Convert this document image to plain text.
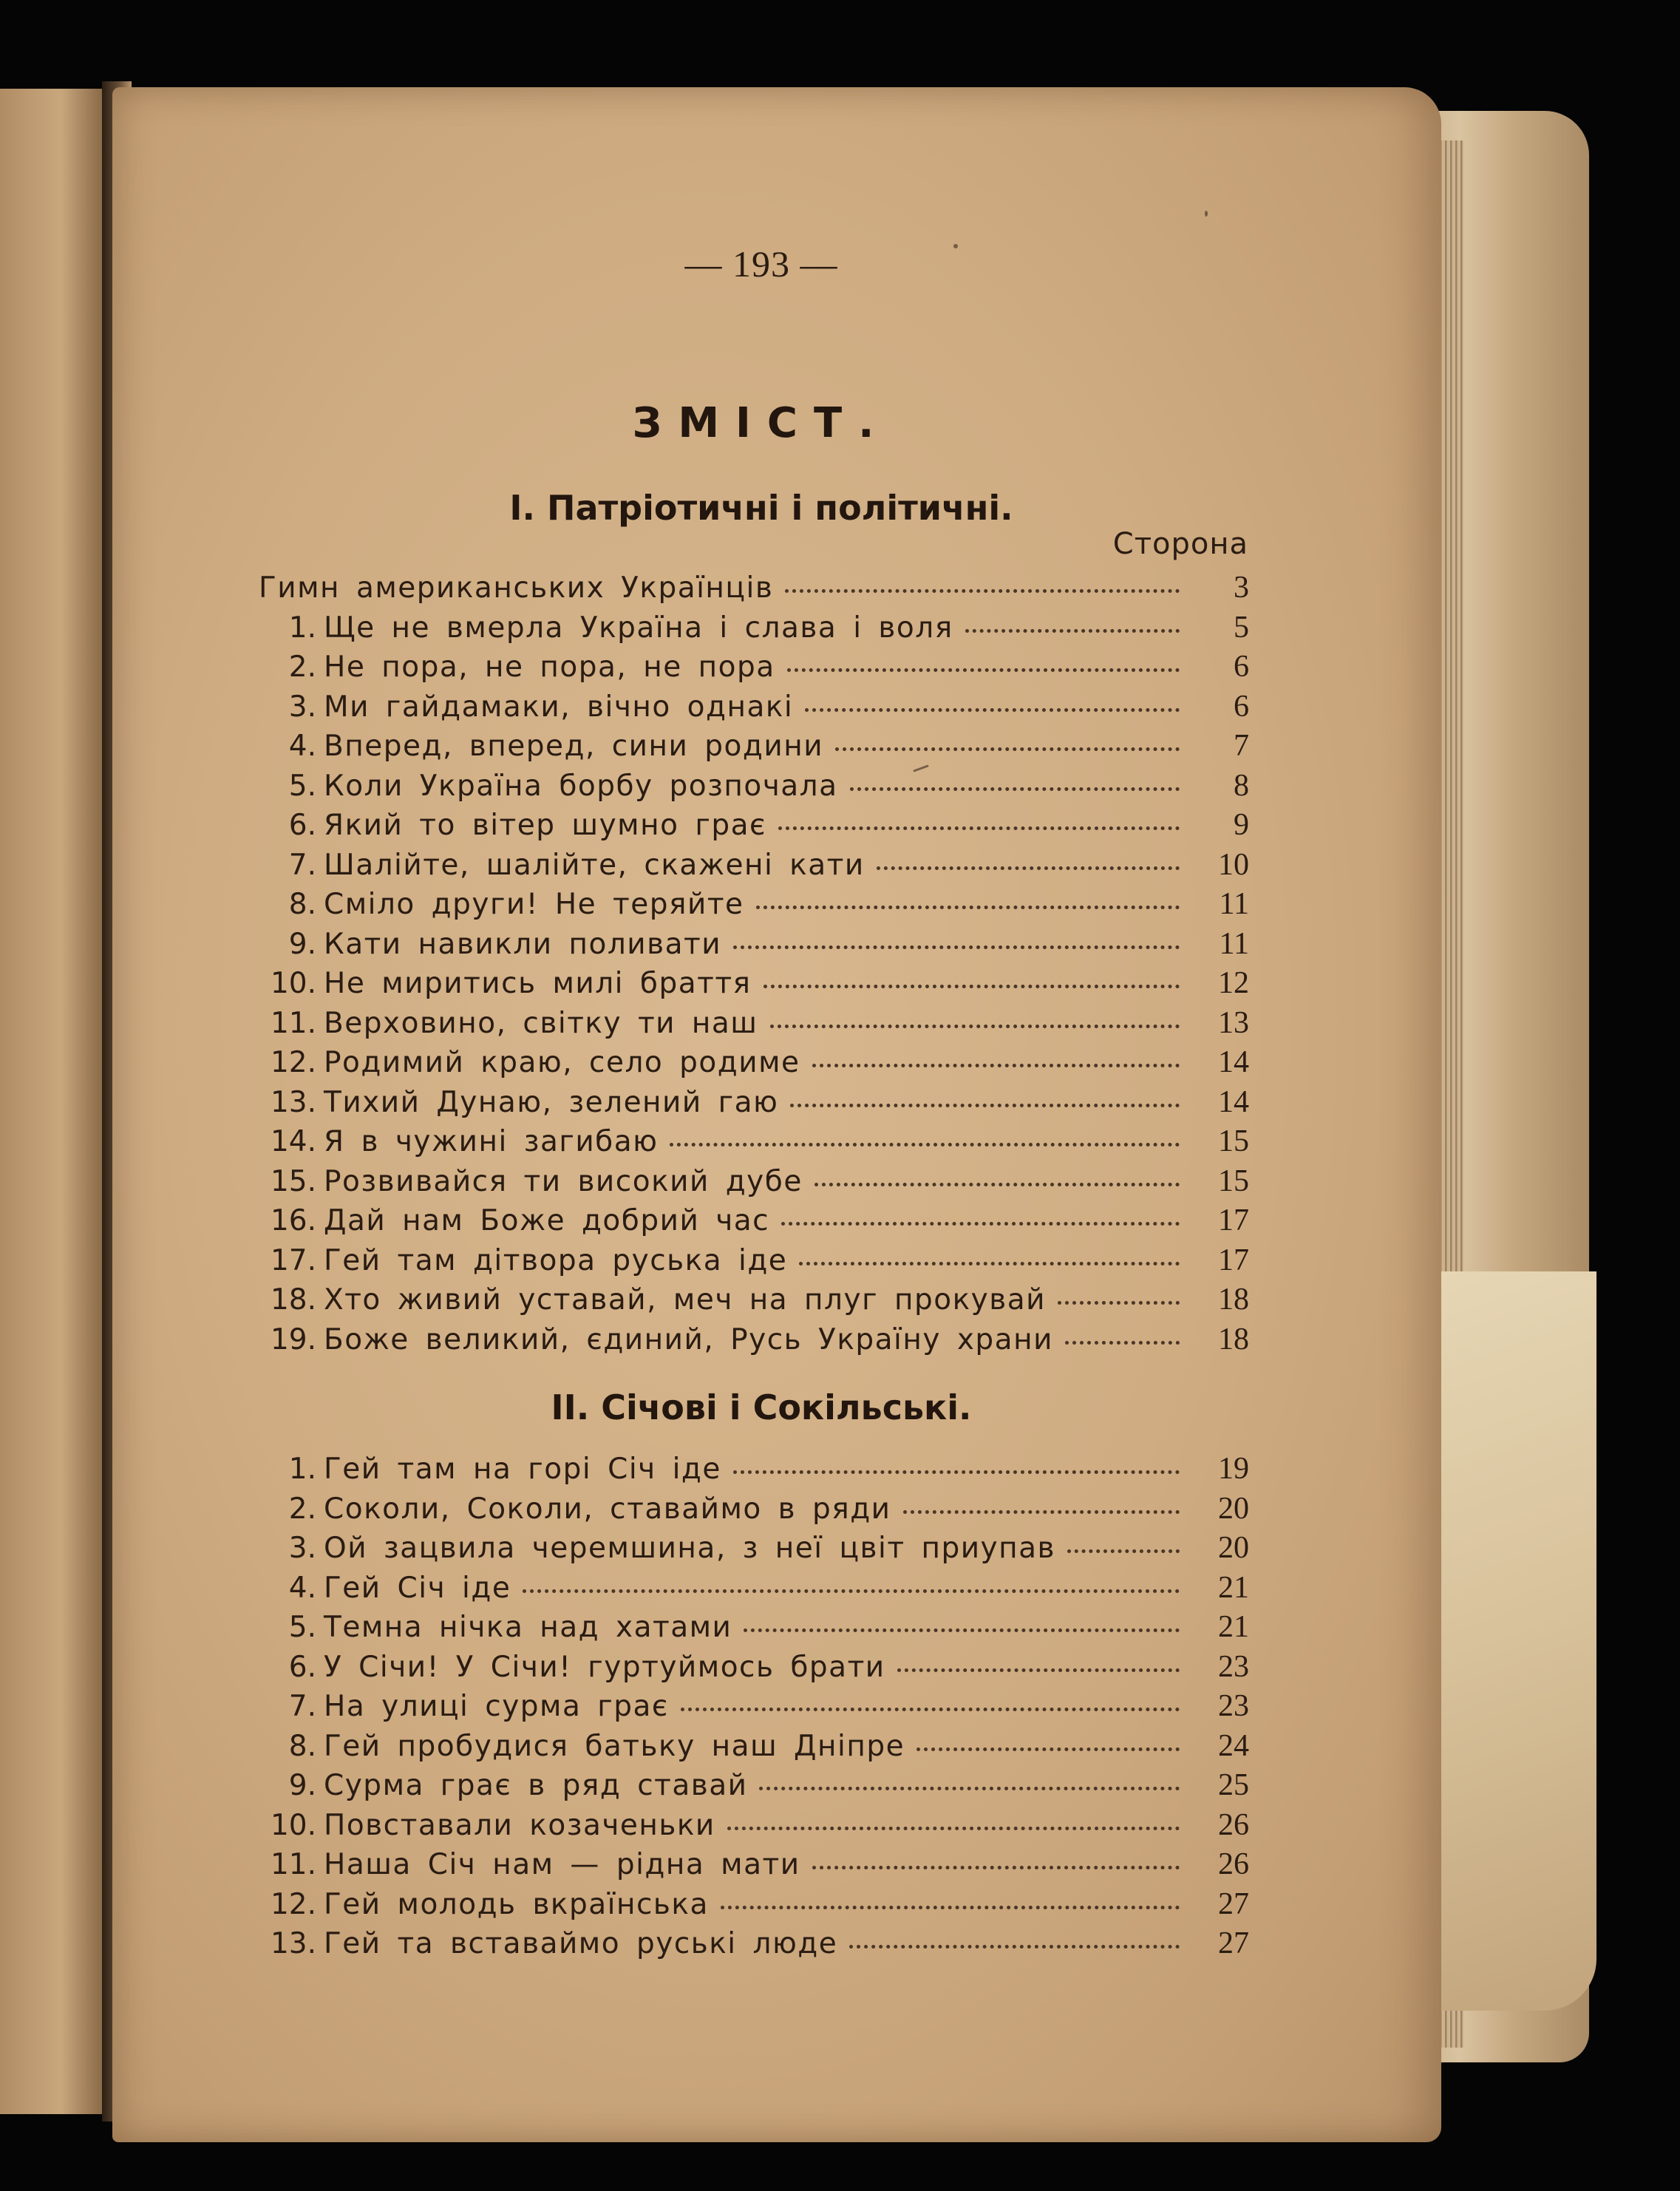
— 193 —
ЗМІСТ.
І. Патріотичні і політичні.
Сторона
Гимн американських Українців	3
1. Ще не вмерла Україна і слава і воля	5
2. Не пора, не пора, не пора	6
3. Ми гайдамаки, вічно однакі	6
4. Вперед, вперед, сини родини	7
5. Коли Україна борбу розпочала	8
6. Який то вітер шумно грає	9
7. Шалійте, шалійте, скажені кати	10
8. Сміло други! Не теряйте	11
9. Кати навикли поливати	11
10. Не миритись милі браття	12
11. Верховино, світку ти наш	13
12. Родимий краю, село родиме	14
13. Тихий Дунаю, зелений гаю	14
14. Я в чужині загибаю	15
15. Розвивайся ти високий дубе	15
16. Дай нам Боже добрий час	17
17. Гей там дітвора руська іде	17
18. Хто живий уставай, меч на плуг прокувай	18
19. Боже великий, єдиний, Русь Україну храни	18
II. Січові і Сокільські.
1. Гей там на горі Січ іде	19
2. Соколи, Соколи, ставаймо в ряди	20
3. Ой зацвила черемшина, з неї цвіт приупав	20
4. Гей Січ іде	21
5. Темна нічка над хатами	21
6. У Січи! У Січи! гуртуймось брати	23
7. На улиці сурма грає	23
8. Гей пробудися батьку наш Дніпре	24
9. Сурма грає в ряд ставай	25
10. Повставали козаченьки	26
11. Наша Січ нам — рідна мати	26
12. Гей молодь вкраїнська	27
13. Гей та вставаймо руські люде	27
